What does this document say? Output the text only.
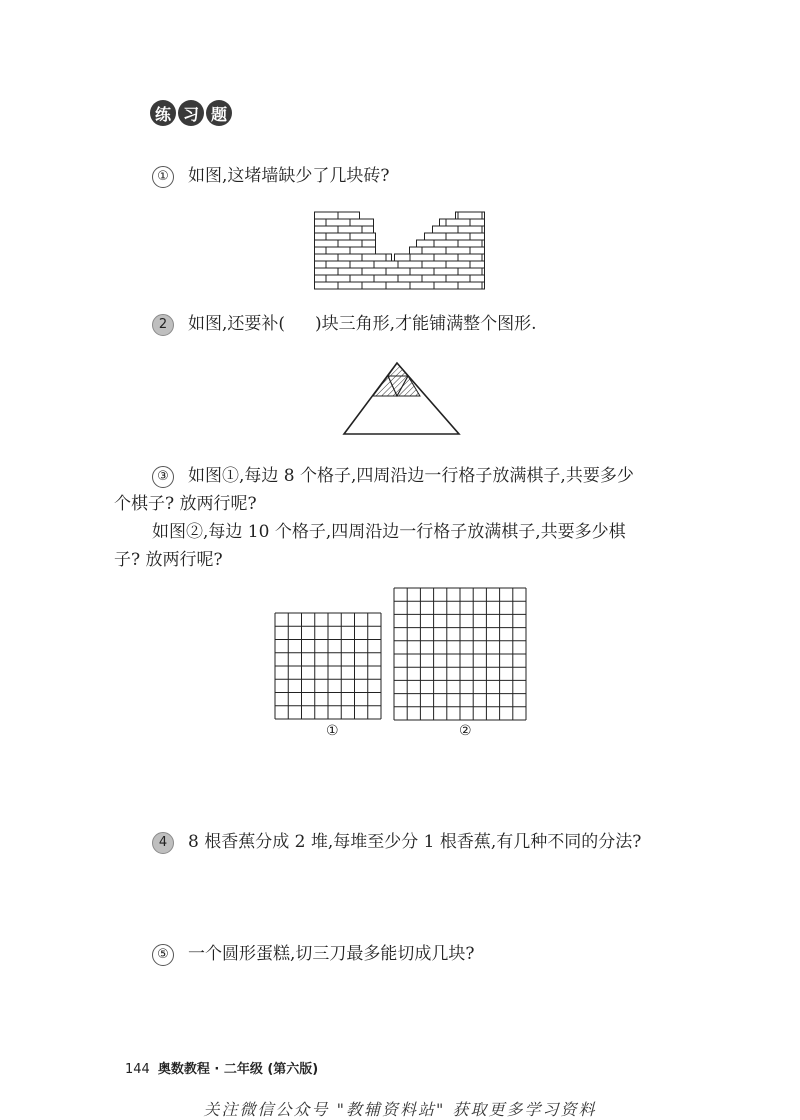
练 习 题
① 如图,这堵墙缺少了几块砖?
2 如图,还要补( )块三角形,才能铺满整个图形.
③ 如图①,每边 8 个格子,四周沿边一行格子放满棋子,共要多少
个棋子? 放两行呢?
如图②,每边 10 个格子,四周沿边一行格子放满棋子,共要多少棋
子? 放两行呢?
①	②
4 8 根香蕉分成 2 堆,每堆至少分 1 根香蕉,有几种不同的分法?
⑤ 一个圆形蛋糕,切三刀最多能切成几块?
144 奥数教程 · 二年级 (第六版)
关注微信公众号 "教辅资料站" 获取更多学习资料
